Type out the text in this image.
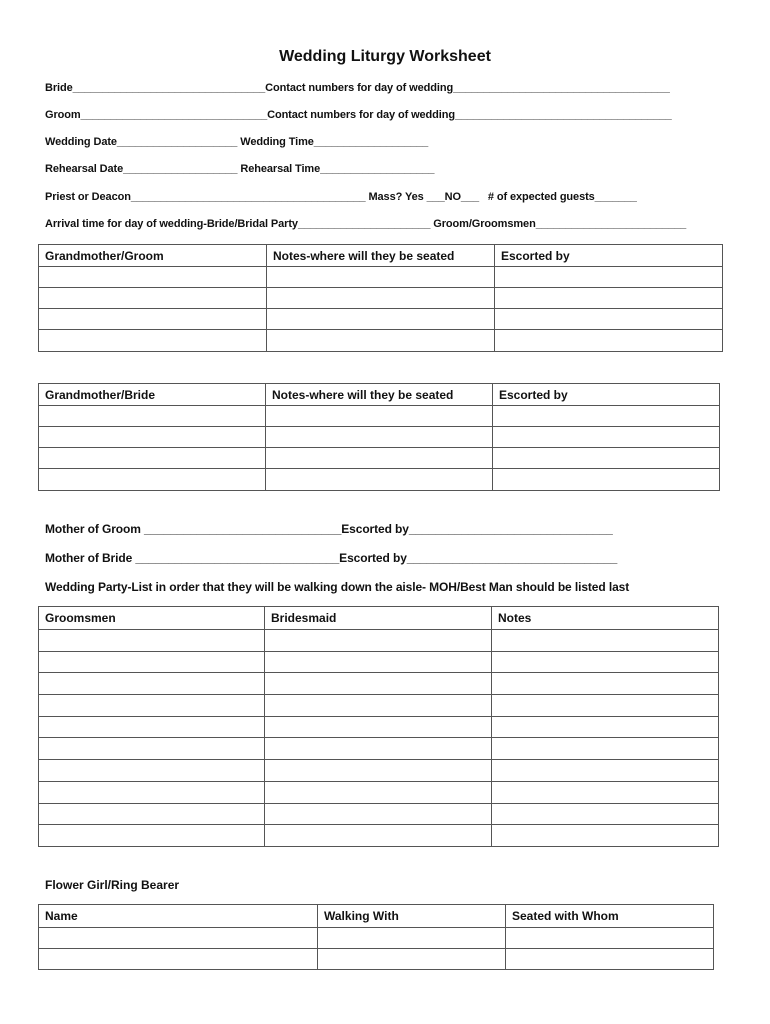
Wedding Liturgy Worksheet
Bride________________________________Contact numbers for day of wedding____________________________________
Groom_______________________________Contact numbers for day of wedding____________________________________
Wedding Date____________________ Wedding Time___________________
Rehearsal Date___________________ Rehearsal Time___________________
Priest or Deacon_______________________________________ Mass? Yes ___NO___   # of expected guests_______
Arrival time for day of wedding-Bride/Bridal Party______________________ Groom/Groomsmen_________________________
Grandmother/Groom	Notes-where will they be seated	Escorted by

Grandmother/Bride	Notes-where will they be seated	Escorted by

Mother of Groom ______________________________Escorted by_______________________________
Mother of Bride _______________________________Escorted by________________________________
Wedding Party-List in order that they will be walking down the aisle- MOH/Best Man should be listed last
Groomsmen	Bridesmaid	Notes

Flower Girl/Ring Bearer
Name	Walking With	Seated with Whom
